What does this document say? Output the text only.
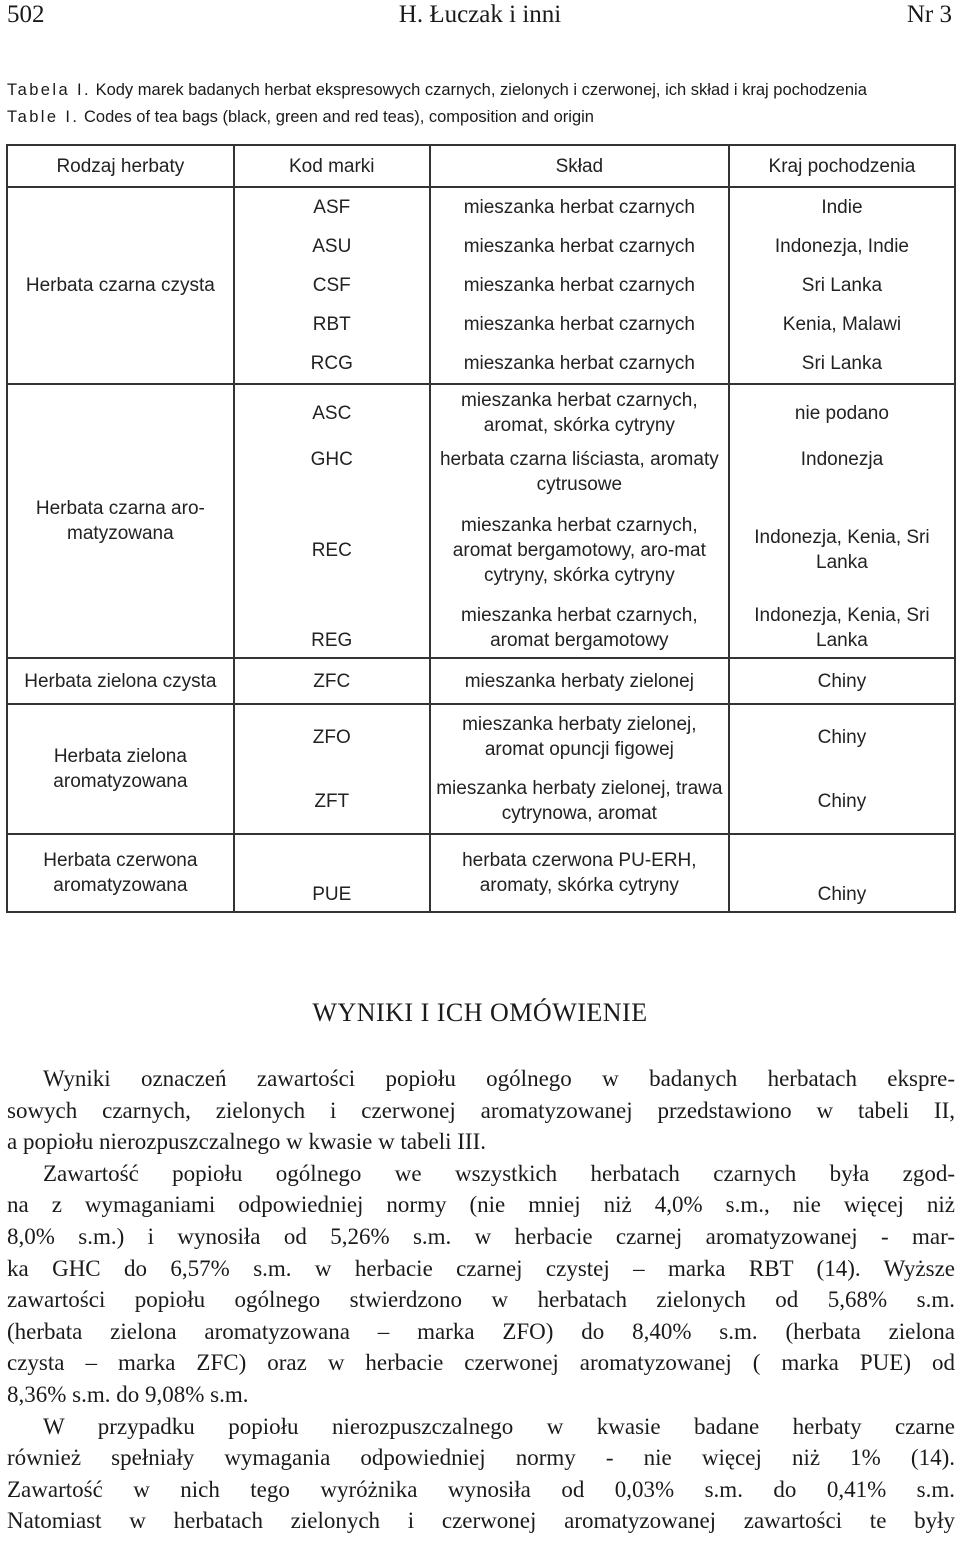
502	H. Łuczak i inni	Nr 3
Tabela I. Kody marek badanych herbat ekspresowych czarnych, zielonych i czerwonej, ich skład i kraj pochodzenia
Table I. Codes of tea bags (black, green and red teas), composition and origin
Rodzaj herbaty	Kod marki	Skład	Kraj pochodzenia
Herbata czarna czysta	ASF	mieszanka herbat czarnych	Indie
	ASU	mieszanka herbat czarnych	Indonezja, Indie
	CSF	mieszanka herbat czarnych	Sri Lanka
	RBT	mieszanka herbat czarnych	Kenia, Malawi
	RCG	mieszanka herbat czarnych	Sri Lanka
Herbata czarna aro-matyzowana	ASC	mieszanka herbat czarnych, aromat, skórka cytryny	nie podano
	GHC	herbata czarna liściasta, aromaty cytrusowe	Indonezja
	REC	mieszanka herbat czarnych, aromat bergamotowy, aro-mat cytryny, skórka cytryny	Indonezja, Kenia, Sri Lanka
	REG	mieszanka herbat czarnych, aromat bergamotowy	Indonezja, Kenia, Sri Lanka
Herbata zielona czysta	ZFC	mieszanka herbaty zielonej	Chiny
Herbata zielona aromatyzowana	ZFO	mieszanka herbaty zielonej, aromat opuncji figowej	Chiny
	ZFT	mieszanka herbaty zielonej, trawa cytrynowa, aromat	Chiny
Herbata czerwona aromatyzowana	PUE	herbata czerwona PU-ERH, aromaty, skórka cytryny	Chiny
WYNIKI I ICH OMÓWIENIE
Wyniki oznaczeń zawartości popiołu ogólnego w badanych herbatach ekspre-
sowych czarnych, zielonych i czerwonej aromatyzowanej przedstawiono w tabeli II,
a popiołu nierozpuszczalnego w kwasie w tabeli III.
Zawartość popiołu ogólnego we wszystkich herbatach czarnych była zgod-
na z wymaganiami odpowiedniej normy (nie mniej niż 4,0% s.m., nie więcej niż
8,0% s.m.) i wynosiła od 5,26% s.m. w herbacie czarnej aromatyzowanej - mar-
ka GHC do 6,57% s.m. w herbacie czarnej czystej – marka RBT (14). Wyższe
zawartości popiołu ogólnego stwierdzono w herbatach zielonych od 5,68% s.m.
(herbata zielona aromatyzowana – marka ZFO) do 8,40% s.m. (herbata zielona
czysta – marka ZFC) oraz w herbacie czerwonej aromatyzowanej ( marka PUE) od
8,36% s.m. do 9,08% s.m.
W przypadku popiołu nierozpuszczalnego w kwasie badane herbaty czarne
również spełniały wymagania odpowiedniej normy - nie więcej niż 1% (14).
Zawartość w nich tego wyróżnika wynosiła od 0,03% s.m. do 0,41% s.m.
Natomiast w herbatach zielonych i czerwonej aromatyzowanej zawartości te były
